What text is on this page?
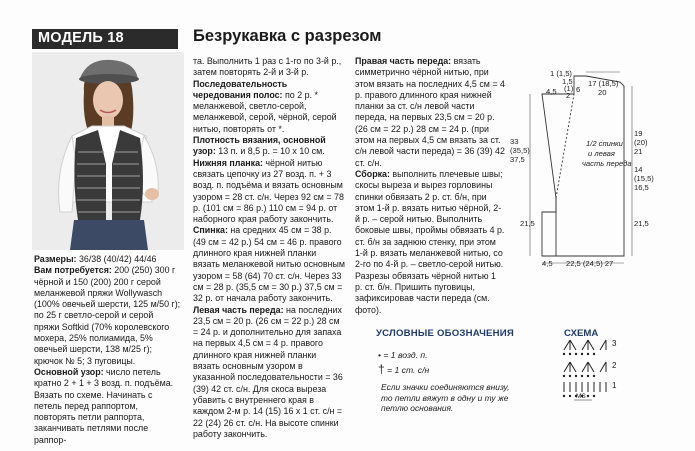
МОДЕЛЬ 18	Безрукавка с разрезом

Размеры: 36/38 (40/42) 44/46

Вам потребуется: 200 (250) 300 г чёрной и 150 (200) 200 г серой меланжевой пряжи Wollywasch (100% овечьей шерсти, 125 м/50 г); по 25 г светло-серой и серой пряжи Softkid (70% королевского мохера, 25% полиамида, 5% овечьей шерсти, 138 м/25 г); крючок № 5; 3 пуговицы.

Основной узор: число петель кратно 2 + 1 + 3 возд. п. подъёма. Вязать по схеме. Начинать с петель перед раппортом, повторять петли раппорта, заканчивать петлями после раппор-

та. Выполнить 1 раз с 1-го по 3-й р., затем повторять 2-й и 3-й р.

Последовательность чередования полос: по 2 р. * меланжевой, светло-серой, меланжевой, серой, чёрной, серой нитью, повторять от *.

Плотность вязания, основной узор: 13 п. и 8,5 р. = 10 x 10 см.

Нижняя планка: чёрной нитью связать цепочку из 27 возд. п. + 3 возд. п. подъёма и вязать основным узором = 28 ст. с/н. Через 92 см = 78 р. (101 см = 86 р.) 110 см = 94 р. от наборного края работу закончить.

Спинка: на средних 45 см = 38 р. (49 см = 42 р.) 54 см = 46 р. правого длинного края нижней планки вязать меланжевой нитью основным узором = 58 (64) 70 ст. с/н. Через 33 см = 28 р. (35,5 см = 30 р.) 37,5 см = 32 р. от начала работу закончить.

Левая часть переда: на последних 23,5 см = 20 р. (26 см = 22 р.) 28 см = 24 р. и дополнительно для запаха на первых 4,5 см = 4 р. правого длинного края нижней планки вязать основным узором в указанной последовательности = 36 (39) 42 ст. с/н. Для скоса выреза убавить с внутреннего края в каждом 2-м р. 14 (15) 16 x 1 ст. с/н = 22 (24) 26 ст. с/н. На высоте спинки работу закончить.

Правая часть переда: вязать симметрично чёрной нитью, при этом вязать на последних 4,5 см = 4 р. правого длинного края нижней планки за ст. с/н левой части переда, на первых 23,5 см = 20 р. (26 см = 22 р.) 28 см = 24 р. (при этом на первых 4,5 см вязать за ст. с/н левой части переда) = 36 (39) 42 ст. с/н.

Сборка: выполнить плечевые швы; скосы выреза и вырез горловины спинки обвязать 2 р. ст. б/н, при этом 1-й р. вязать нитью чёрной, 2-й р. – серой нитью. Выполнить боковые швы, проймы обвязать 4 р. ст. б/н за заднюю стенку, при этом 1-й р. вязать меланжевой нитью, со 2-го по 4-й р. – светло-серой нитью. Разрезы обвязать чёрной нитью 1 р. ст. б/н. Пришить пуговицы, зафиксировав части переда (см. фото).

1 (1,5)
1,5
(1)
2
4,5	6
17 (18,5)
20
33
(35,5)
37,5
1/2 спинки
и левая
часть переда
19
(20)
21
14
(15,5)
16,5
21,5	21,5
4,5 22,5 (24,5) 27
УСЛОВНЫЕ ОБОЗНАЧЕНИЯ
• = 1 возд. п.
† = 1 ст. с/н
Если значки соединяются внизу, то петли вяжут в одну и ту же петлю основания.
СХЕМА
3
2
1
МS
